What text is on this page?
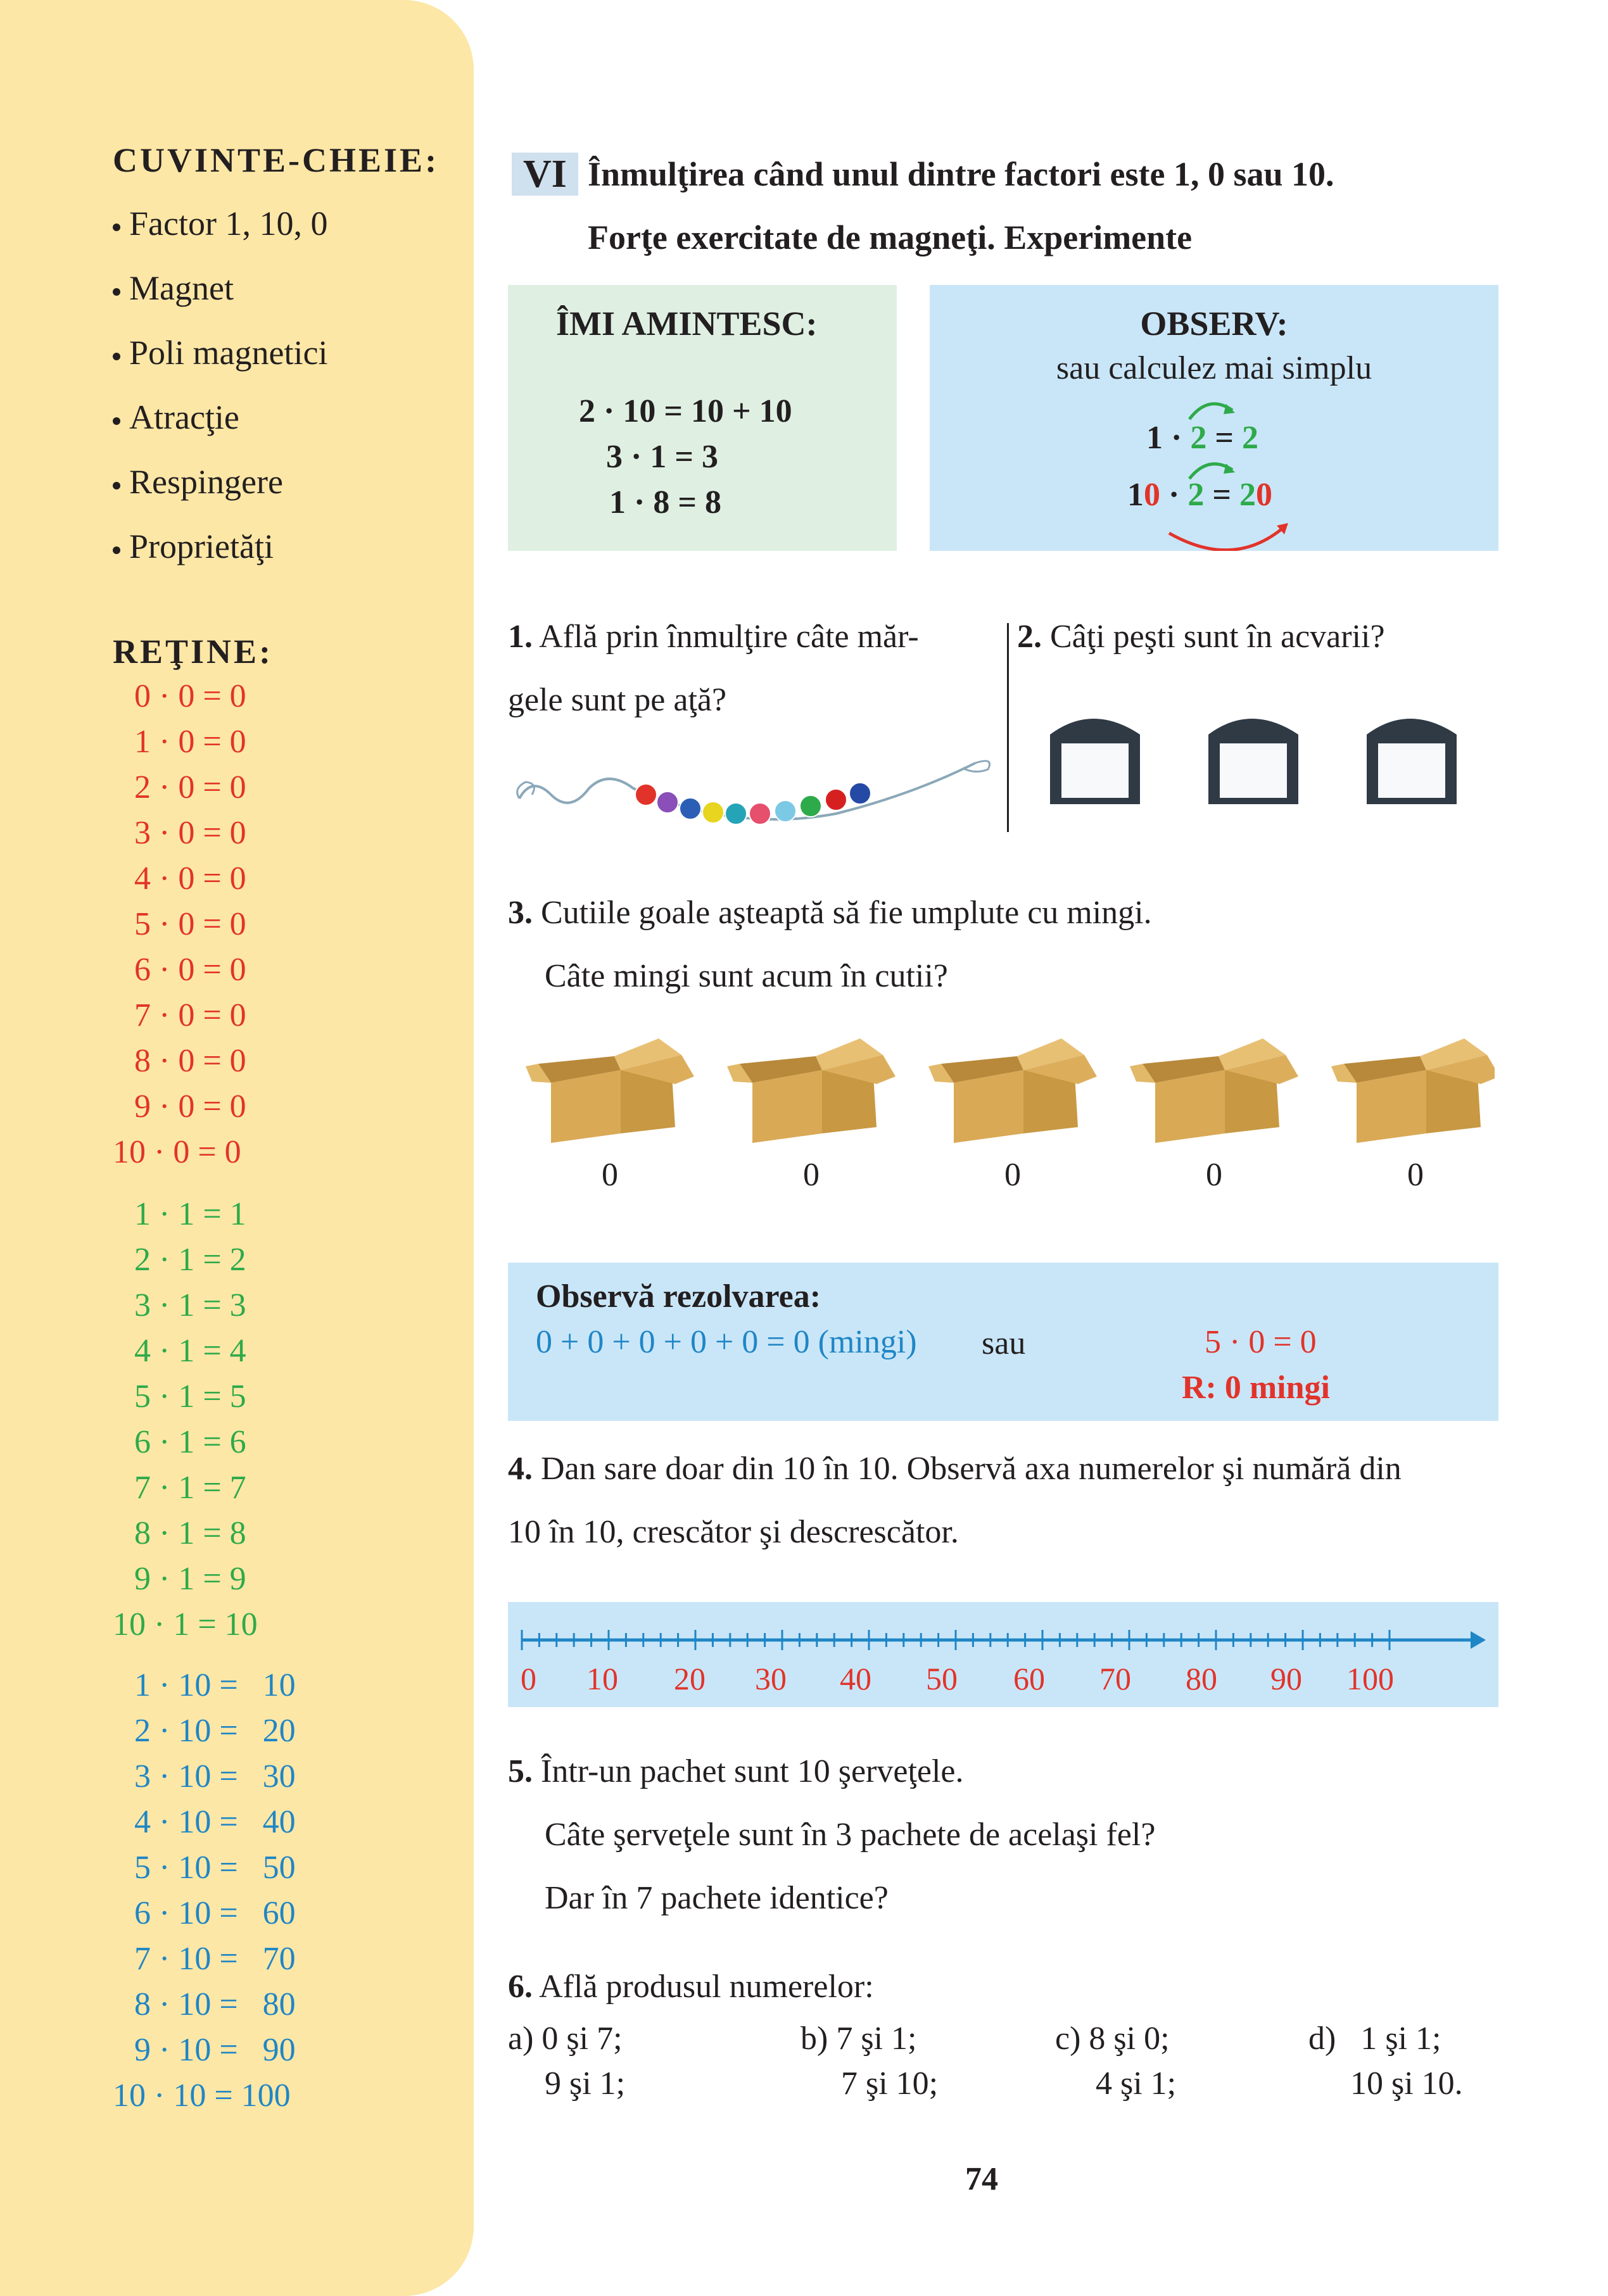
CUVINTE-CHEIE:
Factor 1, 10, 0
Magnet
Poli magnetici
Atracţie
Respingere
Proprietăţi
REŢINE:
0 · 0 = 0
1 · 0 = 0
2 · 0 = 0
3 · 0 = 0
4 · 0 = 0
5 · 0 = 0
6 · 0 = 0
7 · 0 = 0
8 · 0 = 0
9 · 0 = 0
10 · 0 = 0
1 · 1 = 1
2 · 1 = 2
3 · 1 = 3
4 · 1 = 4
5 · 1 = 5
6 · 1 = 6
7 · 1 = 7
8 · 1 = 8
9 · 1 = 9
10 · 1 = 10
1 · 10 =   10
2 · 10 =   20
3 · 10 =   30
4 · 10 =   40
5 · 10 =   50
6 · 10 =   60
7 · 10 =   70
8 · 10 =   80
9 · 10 =   90
10 · 10 = 100
VI Înmulţirea când unul dintre factori este 1, 0 sau 10.
Forţe exercitate de magneţi. Experimente
ÎMI AMINTESC:
2 · 10 = 10 + 10
3 · 1 = 3
1 · 8 = 8
OBSERV:
sau calculez mai simplu
1 · 2 = 2
10 · 2 = 20
1. Află prin înmulţire câte măr-
gele sunt pe aţă?
2. Câţi peşti sunt în acvarii?
3. Cutiile goale aşteaptă să fie umplute cu mingi.
Câte mingi sunt acum în cutii?
0	0	0	0	0
Observă rezolvarea:
0 + 0 + 0 + 0 + 0 = 0 (mingi) sau	5 · 0 = 0
R: 0 mingi
4. Dan sare doar din 10 în 10. Observă axa numerelor şi numără din
10 în 10, crescător şi descrescător.
0 10 20 30 40 50 60 70 80 90 100
5. Într-un pachet sunt 10 şerveţele.
Câte şerveţele sunt în 3 pachete de acelaşi fel?
Dar în 7 pachete identice?
6. Află produsul numerelor:
a) 0 şi 7;
9 şi 1;
b) 7 şi 1;
7 şi 10;
c) 8 şi 0;
4 şi 1;
d) 1 şi 1;
10 şi 10.
74
